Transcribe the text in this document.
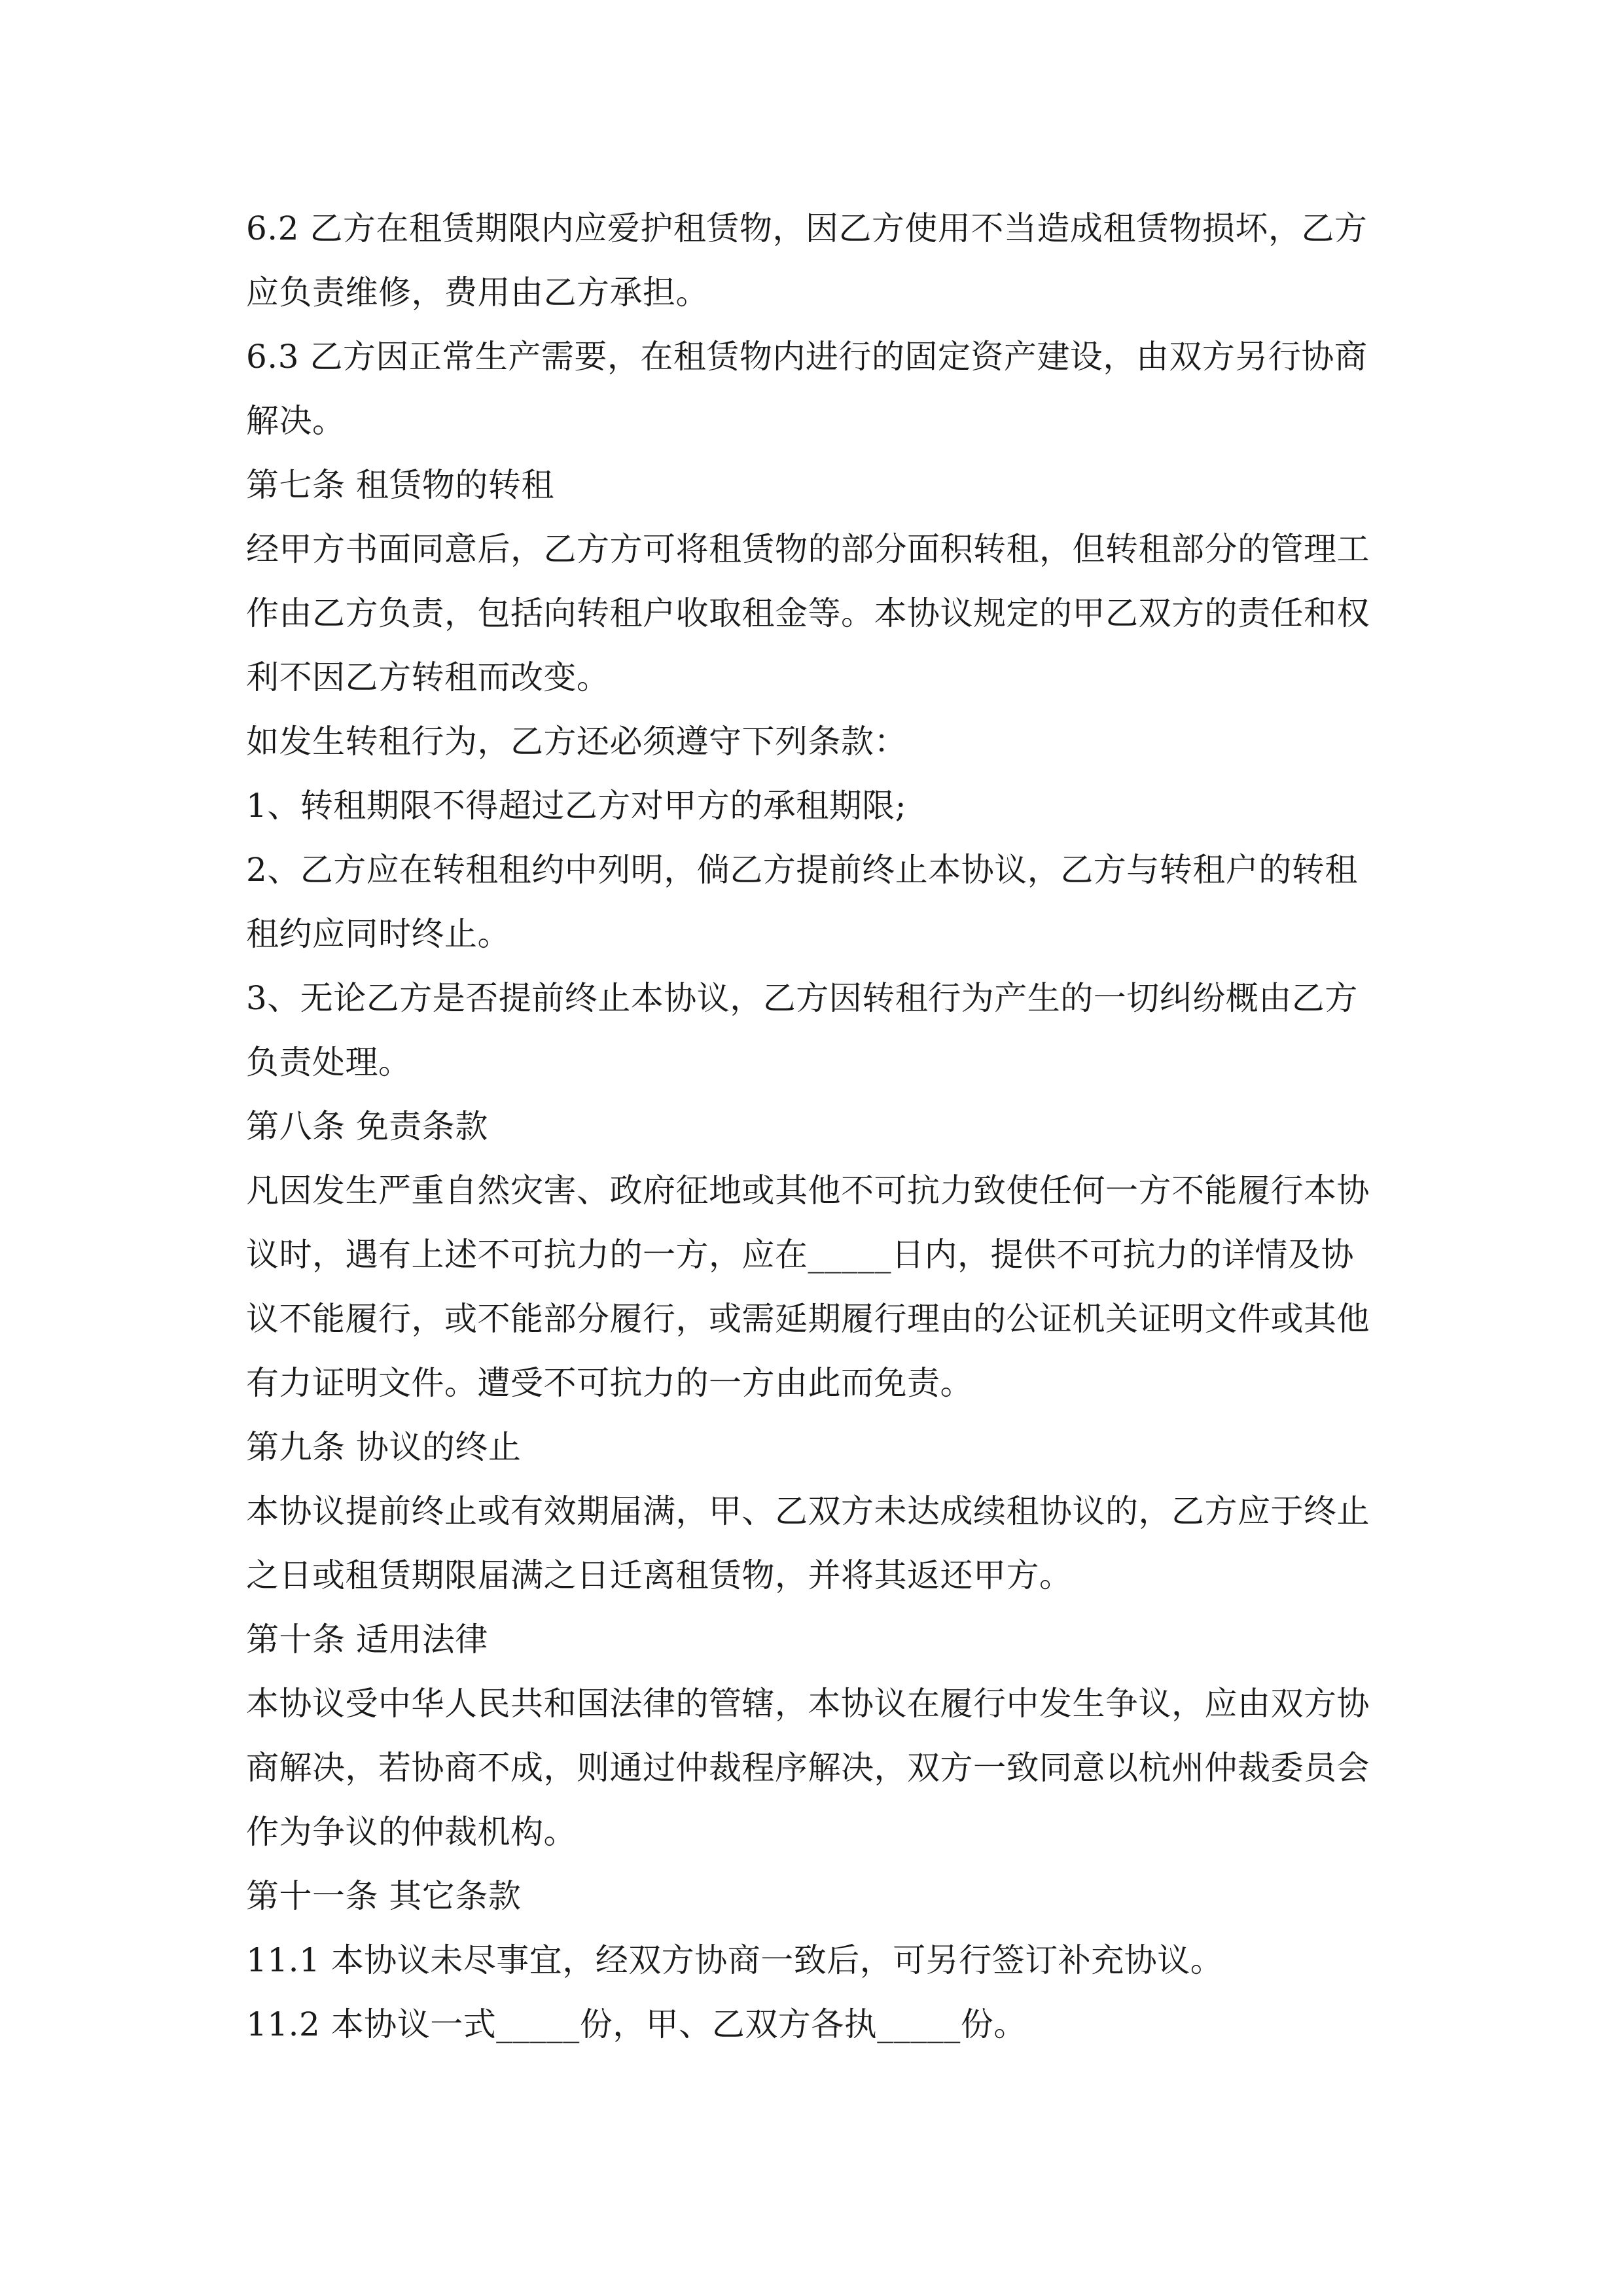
6.2 乙方在租赁期限内应爱护租赁物，因乙方使用不当造成租赁物损坏，乙方应负责维修，费用由乙方承担。

6.3 乙方因正常生产需要，在租赁物内进行的固定资产建设，由双方另行协商解决。

第七条 租赁物的转租

经甲方书面同意后，乙方方可将租赁物的部分面积转租，但转租部分的管理工作由乙方负责，包括向转租户收取租金等。本协议规定的甲乙双方的责任和权利不因乙方转租而改变。

如发生转租行为，乙方还必须遵守下列条款：

1、转租期限不得超过乙方对甲方的承租期限;

2、乙方应在转租租约中列明，倘乙方提前终止本协议，乙方与转租户的转租租约应同时终止。

3、无论乙方是否提前终止本协议，乙方因转租行为产生的一切纠纷概由乙方负责处理。

第八条 免责条款

凡因发生严重自然灾害、政府征地或其他不可抗力致使任何一方不能履行本协议时，遇有上述不可抗力的一方，应在_____日内，提供不可抗力的详情及协议不能履行，或不能部分履行，或需延期履行理由的公证机关证明文件或其他有力证明文件。遭受不可抗力的一方由此而免责。

第九条 协议的终止

本协议提前终止或有效期届满，甲、乙双方未达成续租协议的，乙方应于终止之日或租赁期限届满之日迁离租赁物，并将其返还甲方。

第十条 适用法律

本协议受中华人民共和国法律的管辖，本协议在履行中发生争议，应由双方协商解决，若协商不成，则通过仲裁程序解决，双方一致同意以杭州仲裁委员会作为争议的仲裁机构。

第十一条 其它条款

11.1 本协议未尽事宜，经双方协商一致后，可另行签订补充协议。

11.2 本协议一式_____份，甲、乙双方各执_____份。
